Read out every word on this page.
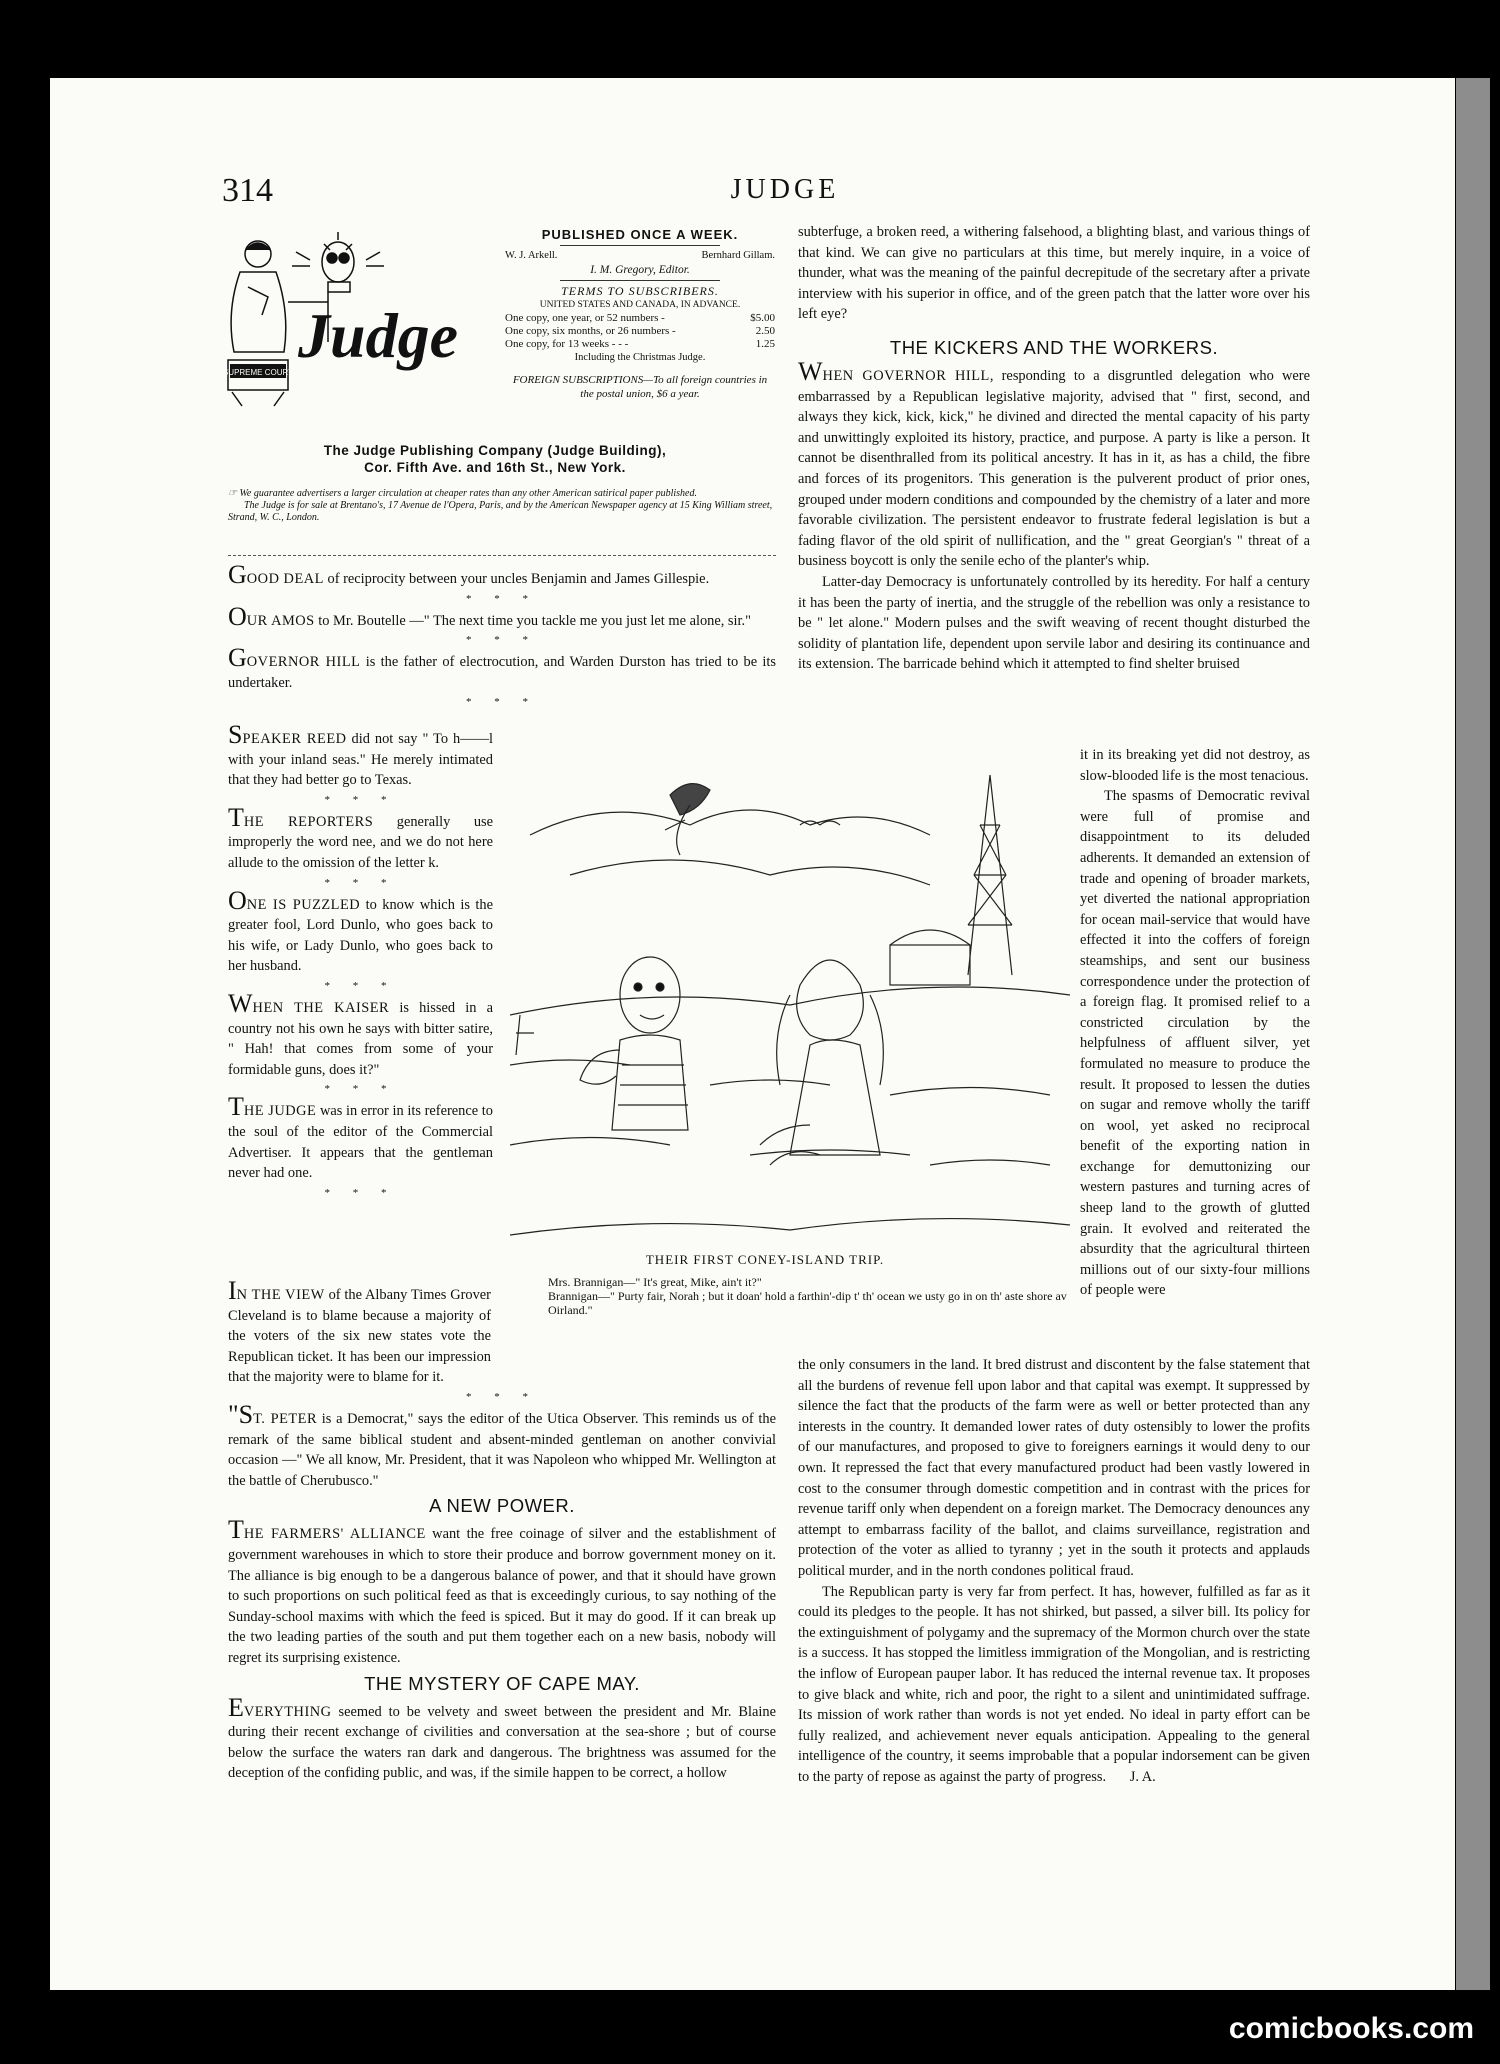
314	JUDGE
SUPREME COURT
Judge
PUBLISHED ONCE A WEEK.
W. J. Arkell.	Bernhard Gillam.
I. M. Gregory, Editor.
TERMS TO SUBSCRIBERS.
UNITED STATES AND CANADA, IN ADVANCE.
One copy, one year, or 52 numbers -	$5.00
One copy, six months, or 26 numbers -	2.50
One copy, for 13 weeks - - -	1.25
Including the Christmas Judge.
FOREIGN SUBSCRIPTIONS—To all foreign countries in the postal union, $6 a year.
The Judge Publishing Company (Judge Building),
Cor. Fifth Ave. and 16th St., New York.
☞ We guarantee advertisers a larger circulation at cheaper rates than any other American satirical paper published.
The Judge is for sale at Brentano's, 17 Avenue de l'Opera, Paris, and by the American Newspaper agency at 15 King William street, Strand, W. C., London.

GOOD DEAL of reciprocity between your uncles Benjamin and James Gillespie.

* * *

OUR AMOS to Mr. Boutelle —" The next time you tackle me you just let me alone, sir."

* * *

GOVERNOR HILL is the father of electrocution, and Warden Durston has tried to be its undertaker.

* * *

SPEAKER REED did not say " To h——l with your inland seas." He merely intimated that they had better go to Texas.

* * *

THE REPORTERS generally use improperly the word nee, and we do not here allude to the omission of the letter k.

* * *

ONE IS PUZZLED to know which is the greater fool, Lord Dunlo, who goes back to his wife, or Lady Dunlo, who goes back to her husband.

* * *

WHEN THE KAISER is hissed in a country not his own he says with bitter satire, " Hah! that comes from some of your formidable guns, does it?"

* * *

THE JUDGE was in error in its reference to the soul of the editor of the Commercial Advertiser. It appears that the gentleman never had one.

* * *

IN THE VIEW of the Albany Times Grover Cleveland is to blame because a majority of the voters of the six new states vote the Republican ticket. It has been our impression that the majority were to blame for it.

* * *

"ST. PETER is a Democrat," says the editor of the Utica Observer. This reminds us of the remark of the same biblical student and absent-minded gentleman on another convivial occasion —" We all know, Mr. President, that it was Napoleon who whipped Mr. Wellington at the battle of Cherubusco."

A NEW POWER.

THE FARMERS' ALLIANCE want the free coinage of silver and the establishment of government warehouses in which to store their produce and borrow government money on it. The alliance is big enough to be a dangerous balance of power, and that it should have grown to such proportions on such political feed as that is exceedingly curious, to say nothing of the Sunday-school maxims with which the feed is spiced. But it may do good. If it can break up the two leading parties of the south and put them together each on a new basis, nobody will regret its surprising existence.

THE MYSTERY OF CAPE MAY.

EVERYTHING seemed to be velvety and sweet between the president and Mr. Blaine during their recent exchange of civilities and conversation at the sea-shore ; but of course below the surface the waters ran dark and dangerous. The brightness was assumed for the deception of the confiding public, and was, if the simile happen to be correct, a hollow

subterfuge, a broken reed, a withering falsehood, a blighting blast, and various things of that kind. We can give no particulars at this time, but merely inquire, in a voice of thunder, what was the meaning of the painful decrepitude of the secretary after a private interview with his superior in office, and of the green patch that the latter wore over his left eye?

THE KICKERS AND THE WORKERS.

WHEN GOVERNOR HILL, responding to a disgruntled delegation who were embarrassed by a Republican legislative majority, advised that " first, second, and always they kick, kick, kick," he divined and directed the mental capacity of his party and unwittingly exploited its history, practice, and purpose. A party is like a person. It cannot be disenthralled from its political ancestry. It has in it, as has a child, the fibre and forces of its progenitors. This generation is the pulverent product of prior ones, grouped under modern conditions and compounded by the chemistry of a later and more favorable civilization. The persistent endeavor to frustrate federal legislation is but a fading flavor of the old spirit of nullification, and the " great Georgian's " threat of a business boycott is only the senile echo of the planter's whip.

Latter-day Democracy is unfortunately controlled by its heredity. For half a century it has been the party of inertia, and the struggle of the rebellion was only a resistance to be " let alone." Modern pulses and the swift weaving of recent thought disturbed the solidity of plantation life, dependent upon servile labor and desiring its continuance and its extension. The barricade behind which it attempted to find shelter bruised

it in its breaking yet did not destroy, as slow-blooded life is the most tenacious.

The spasms of Democratic revival were full of promise and disappointment to its deluded adherents. It demanded an extension of trade and opening of broader markets, yet diverted the national appropriation for ocean mail-service that would have effected it into the coffers of foreign steamships, and sent our business correspondence under the protection of a foreign flag. It promised relief to a constricted circulation by the helpfulness of affluent silver, yet formulated no measure to produce the result. It proposed to lessen the duties on sugar and remove wholly the tariff on wool, yet asked no reciprocal benefit of the exporting nation in exchange for demuttonizing our western pastures and turning acres of sheep land to the growth of glutted grain. It evolved and reiterated the absurdity that the agricultural thirteen millions out of our sixty-four millions of people were

the only consumers in the land. It bred distrust and discontent by the false statement that all the burdens of revenue fell upon labor and that capital was exempt. It suppressed by silence the fact that the products of the farm were as well or better protected than any interests in the country. It demanded lower rates of duty ostensibly to lower the profits of our manufactures, and proposed to give to foreigners earnings it would deny to our own. It repressed the fact that every manufactured product had been vastly lowered in cost to the consumer through domestic competition and in contrast with the prices for revenue tariff only when dependent on a foreign market. The Democracy denounces any attempt to embarrass facility of the ballot, and claims surveillance, registration and protection of the voter as allied to tyranny ; yet in the south it protects and applauds political murder, and in the north condones political fraud.

The Republican party is very far from perfect. It has, however, fulfilled as far as it could its pledges to the people. It has not shirked, but passed, a silver bill. Its policy for the extinguishment of polygamy and the supremacy of the Mormon church over the state is a success. It has stopped the limitless immigration of the Mongolian, and is restricting the inflow of European pauper labor. It has reduced the internal revenue tax. It proposes to give black and white, rich and poor, the right to a silent and unintimidated suffrage. Its mission of work rather than words is not yet ended. No ideal in party effort can be fully realized, and achievement never equals anticipation. Appealing to the general intelligence of the country, it seems improbable that a popular indorsement can be given to the party of repose as against the party of progress. J. A.

THEIR FIRST CONEY-ISLAND TRIP.
Mrs. Brannigan—" It's great, Mike, ain't it?"
Brannigan—" Purty fair, Norah ; but it doan' hold a farthin'-dip t' th' ocean we usty go in on th' aste shore av Oirland."
comicbooks.com
